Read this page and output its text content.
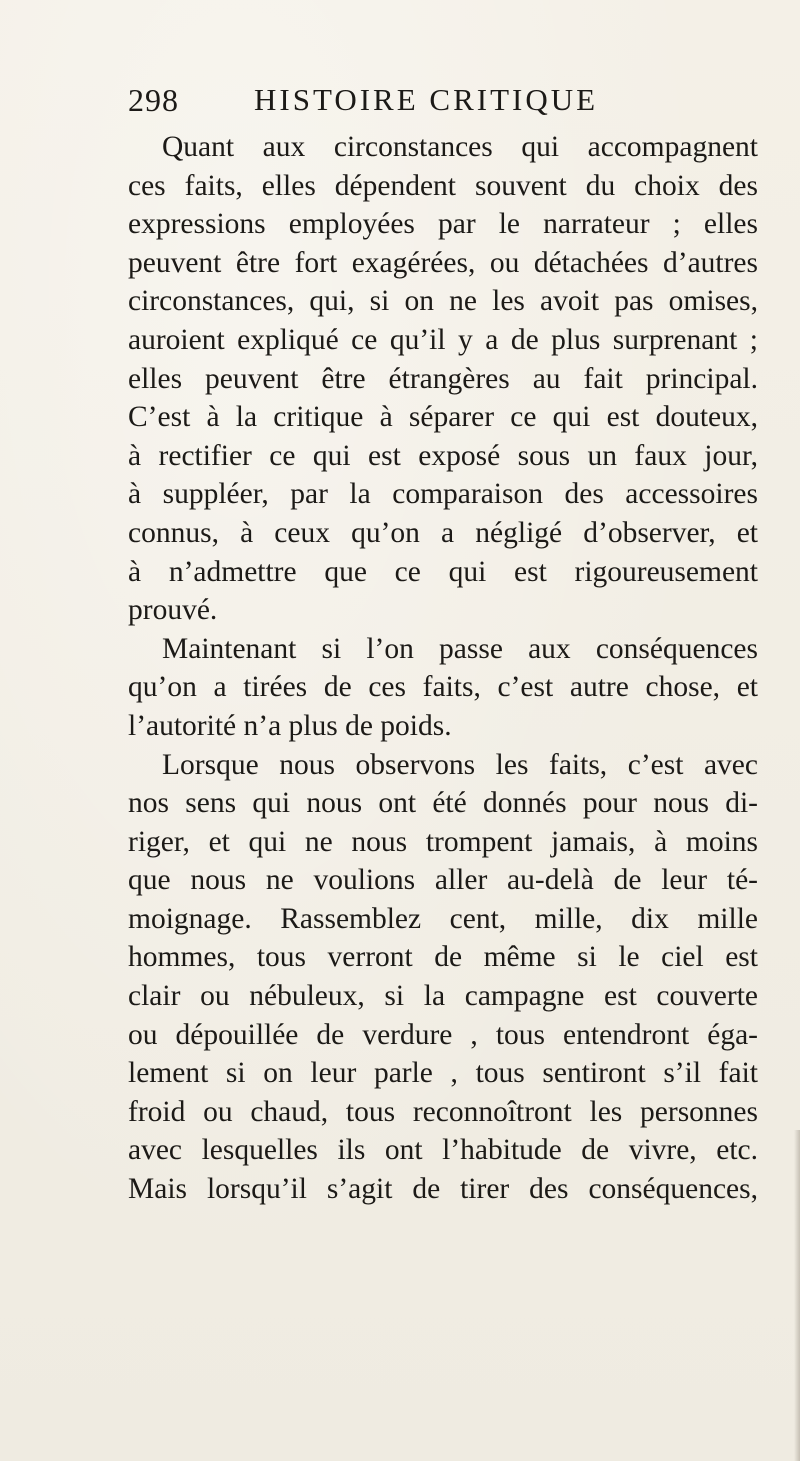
298 HISTOIRE CRITIQUE
Quant aux circonstances qui accompagnent
ces faits, elles dépendent souvent du choix des
expressions employées par le narrateur ; elles
peuvent être fort exagérées, ou détachées d’autres
circonstances, qui, si on ne les avoit pas omises,
auroient expliqué ce qu’il y a de plus surprenant ;
elles peuvent être étrangères au fait principal.
C’est à la critique à séparer ce qui est douteux,
à rectifier ce qui est exposé sous un faux jour,
à suppléer, par la comparaison des accessoires
connus, à ceux qu’on a négligé d’observer, et
à n’admettre que ce qui est rigoureusement
prouvé.
Maintenant si l’on passe aux conséquences
qu’on a tirées de ces faits, c’est autre chose, et
l’autorité n’a plus de poids.
Lorsque nous observons les faits, c’est avec
nos sens qui nous ont été donnés pour nous di-
riger, et qui ne nous trompent jamais, à moins
que nous ne voulions aller au-delà de leur té-
moignage. Rassemblez cent, mille, dix mille
hommes, tous verront de même si le ciel est
clair ou nébuleux, si la campagne est couverte
ou dépouillée de verdure , tous entendront éga-
lement si on leur parle , tous sentiront s’il fait
froid ou chaud, tous reconnoîtront les personnes
avec lesquelles ils ont l’habitude de vivre, etc.
Mais lorsqu’il s’agit de tirer des conséquences,
